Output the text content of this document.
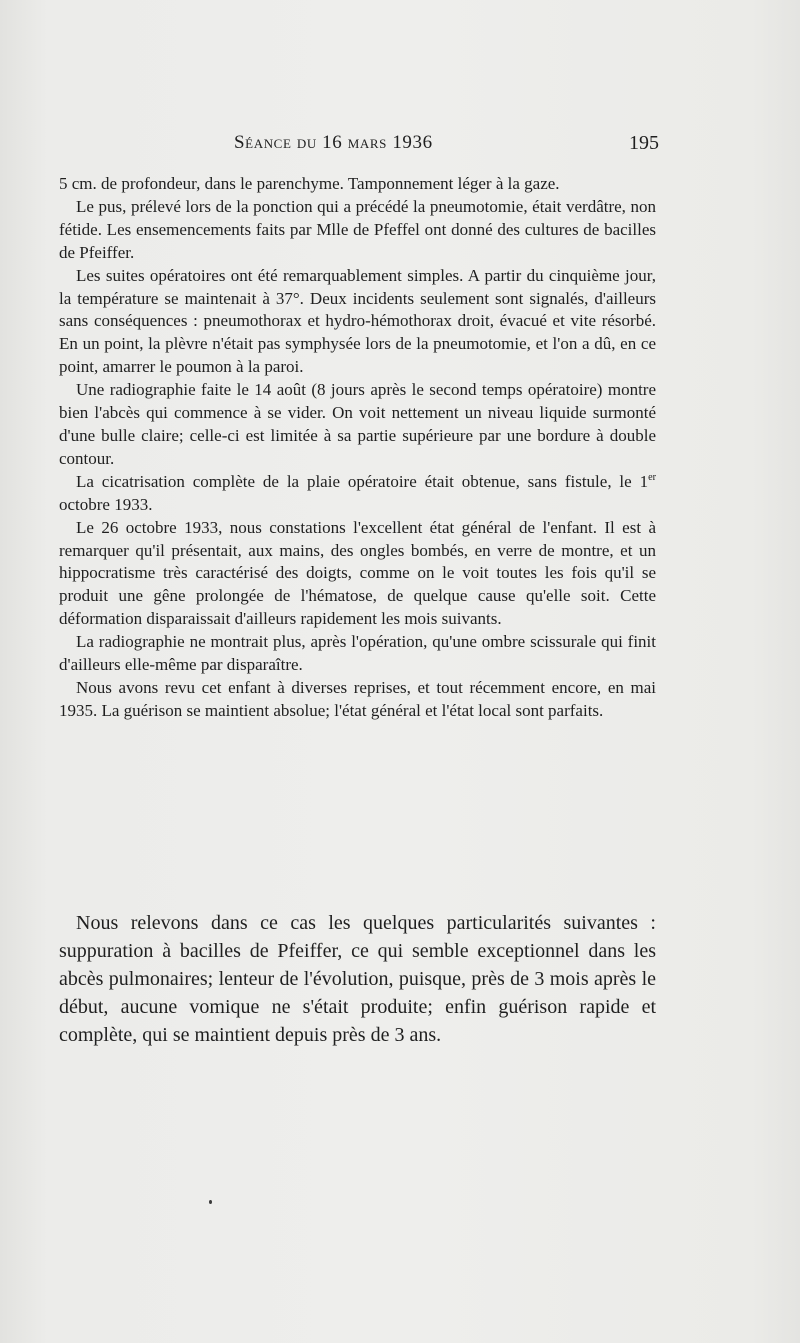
Séance du 16 mars 1936	195

5 cm. de profondeur, dans le parenchyme. Tamponnement léger à la gaze.

Le pus, prélevé lors de la ponction qui a précédé la pneumotomie, était verdâtre, non fétide. Les ensemencements faits par Mlle de Pfeffel ont donné des cultures de bacilles de Pfeiffer.

Les suites opératoires ont été remarquablement simples. A partir du cinquième jour, la température se maintenait à 37°. Deux incidents seulement sont signalés, d'ailleurs sans conséquences : pneumothorax et hydro-hémothorax droit, évacué et vite résorbé. En un point, la plèvre n'était pas symphysée lors de la pneumotomie, et l'on a dû, en ce point, amarrer le poumon à la paroi.

Une radiographie faite le 14 août (8 jours après le second temps opératoire) montre bien l'abcès qui commence à se vider. On voit nettement un niveau liquide surmonté d'une bulle claire; celle-ci est limitée à sa partie supérieure par une bordure à double contour.

La cicatrisation complète de la plaie opératoire était obtenue, sans fistule, le 1er octobre 1933.

Le 26 octobre 1933, nous constations l'excellent état général de l'enfant. Il est à remarquer qu'il présentait, aux mains, des ongles bombés, en verre de montre, et un hippocratisme très caractérisé des doigts, comme on le voit toutes les fois qu'il se produit une gêne prolongée de l'hématose, de quelque cause qu'elle soit. Cette déformation disparaissait d'ailleurs rapidement les mois suivants.

La radiographie ne montrait plus, après l'opération, qu'une ombre scissurale qui finit d'ailleurs elle-même par disparaître.

Nous avons revu cet enfant à diverses reprises, et tout récemment encore, en mai 1935. La guérison se maintient absolue; l'état général et l'état local sont parfaits.

Nous relevons dans ce cas les quelques particularités suivantes : suppuration à bacilles de Pfeiffer, ce qui semble exceptionnel dans les abcès pulmonaires; lenteur de l'évolution, puisque, près de 3 mois après le début, aucune vomique ne s'était produite; enfin guérison rapide et complète, qui se maintient depuis près de 3 ans.
